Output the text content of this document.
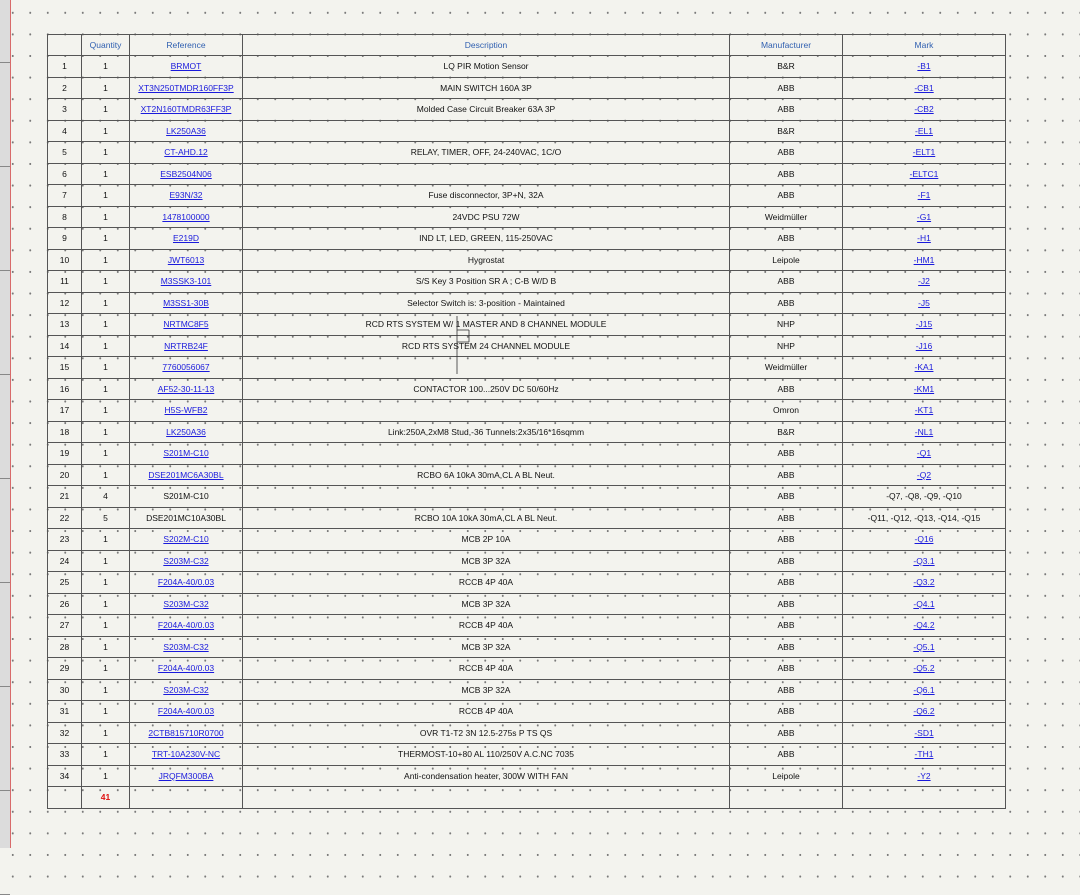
	Quantity	Reference	Description	Manufacturer	Mark
1	1	BRMOT	LQ PIR Motion Sensor	B&R	-B1
2	1	XT3N250TMDR160FF3P	MAIN SWITCH 160A 3P	ABB	-CB1
3	1	XT2N160TMDR63FF3P	Molded Case Circuit Breaker 63A 3P	ABB	-CB2
4	1	LK250A36		B&R	-EL1
5	1	CT-AHD.12	RELAY, TIMER, OFF, 24-240VAC, 1C/O	ABB	-ELT1
6	1	ESB2504N06		ABB	-ELTC1
7	1	E93N/32	Fuse disconnector, 3P+N, 32A	ABB	-F1
8	1	1478100000	24VDC PSU 72W	Weidmüller	-G1
9	1	E219D	IND LT, LED, GREEN, 115-250VAC	ABB	-H1
10	1	JWT6013	Hygrostat	Leipole	-HM1
11	1	M3SSK3-101	S/S Key 3 Position SR A ; C-B W/D B	ABB	-J2
12	1	M3SS1-30B	Selector Switch is: 3-position - Maintained	ABB	-J5
13	1	NRTMC8F5	RCD RTS SYSTEM W/ 1 MASTER AND 8 CHANNEL MODULE	NHP	-J15
14	1	NRTRB24F	RCD RTS SYSTEM 24 CHANNEL MODULE	NHP	-J16
15	1	7760056067		Weidmüller	-KA1
16	1	AF52-30-11-13	CONTACTOR 100...250V DC 50/60Hz	ABB	-KM1
17	1	H5S-WFB2		Omron	-KT1
18	1	LK250A36	Link:250A,2xM8 Stud,-36 Tunnels:2x35/16*16sqmm	B&R	-NL1
19	1	S201M-C10		ABB	-Q1
20	1	DSE201MC6A30BL	RCBO 6A 10kA 30mA,CL A BL Neut.	ABB	-Q2
21	4	S201M-C10		ABB	-Q7, -Q8, -Q9, -Q10
22	5	DSE201MC10A30BL	RCBO 10A 10kA 30mA,CL A BL Neut.	ABB	-Q11, -Q12, -Q13, -Q14, -Q15
23	1	S202M-C10	MCB 2P 10A	ABB	-Q16
24	1	S203M-C32	MCB 3P 32A	ABB	-Q3.1
25	1	F204A-40/0.03	RCCB 4P 40A	ABB	-Q3.2
26	1	S203M-C32	MCB 3P 32A	ABB	-Q4.1
27	1	F204A-40/0.03	RCCB 4P 40A	ABB	-Q4.2
28	1	S203M-C32	MCB 3P 32A	ABB	-Q5.1
29	1	F204A-40/0.03	RCCB 4P 40A	ABB	-Q5.2
30	1	S203M-C32	MCB 3P 32A	ABB	-Q6.1
31	1	F204A-40/0.03	RCCB 4P 40A	ABB	-Q6.2
32	1	2CTB815710R0700	OVR T1-T2 3N 12.5-275s P TS QS	ABB	-SD1
33	1	TRT-10A230V-NC	THERMOST-10+80 AL 110/250V A.C.NC 7035	ABB	-TH1
34	1	JRQFM300BA	Anti-condensation heater, 300W WITH FAN	Leipole	-Y2
	41				
